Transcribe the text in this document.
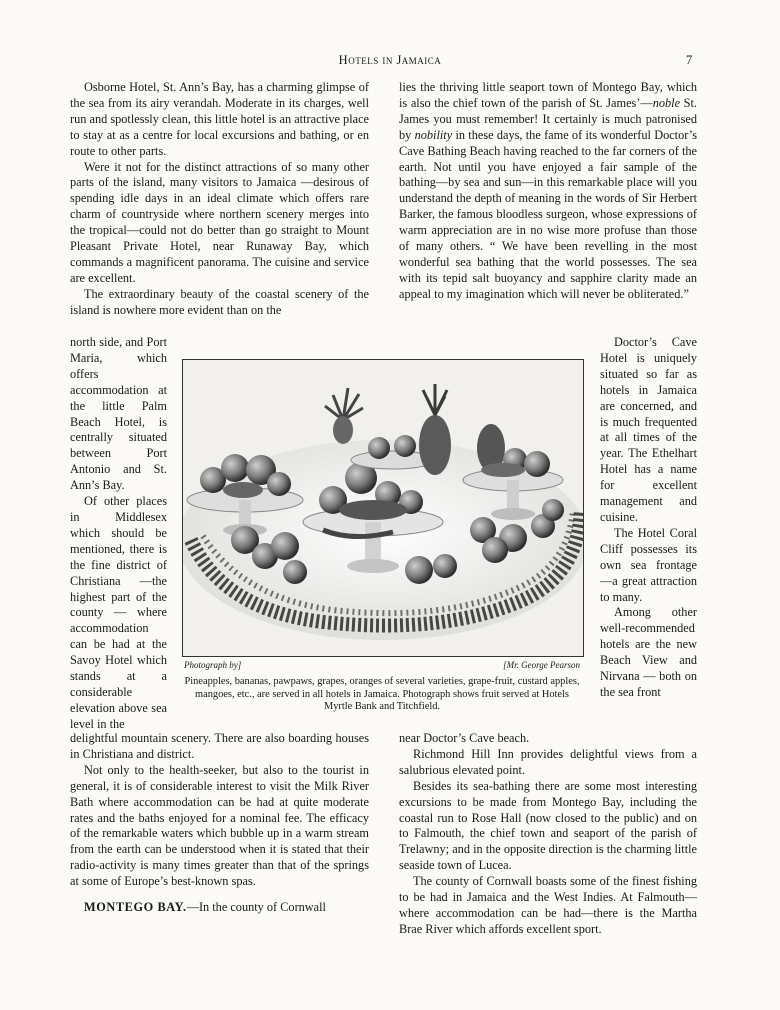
Hotels in Jamaica	7

Osborne Hotel, St. Ann’s Bay, has a charming glimpse of the sea from its airy verandah. Moderate in its charges, well run and spotlessly clean, this little hotel is an attractive place to stay at as a centre for local excursions and bathing, or en route to other parts.

Were it not for the distinct attractions of so many other parts of the island, many visitors to Jamaica —desirous of spending idle days in an ideal climate which offers rare charm of countryside where northern scenery merges into the tropical—could not do better than go straight to Mount Pleasant Private Hotel, near Runaway Bay, which commands a magnificent panorama. The cuisine and service are excellent.

The extraordinary beauty of the coastal scenery of the island is nowhere more evident than on the

lies the thriving little seaport town of Montego Bay, which is also the chief town of the parish of St. James’—noble St. James you must remember! It certainly is much patronised by nobility in these days, the fame of its wonderful Doctor’s Cave Bathing Beach having reached to the far corners of the earth. Not until you have enjoyed a fair sample of the bathing—by sea and sun—in this remarkable place will you understand the depth of meaning in the words of Sir Herbert Barker, the famous bloodless surgeon, whose expressions of warm appreciation are in no wise more profuse than those of many others. “ We have been revelling in the most wonderful sea bathing that the world possesses. The sea with its tepid salt buoyancy and sapphire clarity made an appeal to my imagination which will never be obliterated.”

north side, and Port Maria, which offers accommodation at the little Palm Beach Hotel, is centrally situated between Port Antonio and St. Ann’s Bay.

Of other places in Middlesex which should be mentioned, there is the fine district of Christiana —the highest part of the county — where accommodation can be had at the Savoy Hotel which stands at a considerable elevation above sea level in the

Doctor’s Cave Hotel is uniquely situated so far as hotels in Jamaica are concerned, and is much frequented at all times of the year. The Ethelhart Hotel has a name for excellent management and cuisine.

The Hotel Coral Cliff possesses its own sea frontage —a great attraction to many.

Among other well-recommended hotels are the new Beach View and Nirvana — both on the sea front

Photograph by]	[Mr. George Pearson
Pineapples, bananas, pawpaws, grapes, oranges of several varieties, grape-fruit, custard apples, mangoes, etc., are served in all hotels in Jamaica. Photograph shows fruit served at Hotels Myrtle Bank and Titchfield.

delightful mountain scenery. There are also boarding houses in Christiana and district.

Not only to the health-seeker, but also to the tourist in general, it is of considerable interest to visit the Milk River Bath where accommodation can be had at quite moderate rates and the baths enjoyed for a nominal fee. The efficacy of the remarkable waters which bubble up in a warm stream from the earth can be understood when it is stated that their radio-activity is many times greater than that of the springs at some of Europe’s best-known spas.

MONTEGO BAY.—In the county of Cornwall

near Doctor’s Cave beach.

Richmond Hill Inn provides delightful views from a salubrious elevated point.

Besides its sea-bathing there are some most interesting excursions to be made from Montego Bay, including the coastal run to Rose Hall (now closed to the public) and on to Falmouth, the chief town and seaport of the parish of Trelawny; and in the opposite direction is the charming little seaside town of Lucea.

The county of Cornwall boasts some of the finest fishing to be had in Jamaica and the West Indies. At Falmouth—where accommodation can be had—there is the Martha Brae River which affords excellent sport.
